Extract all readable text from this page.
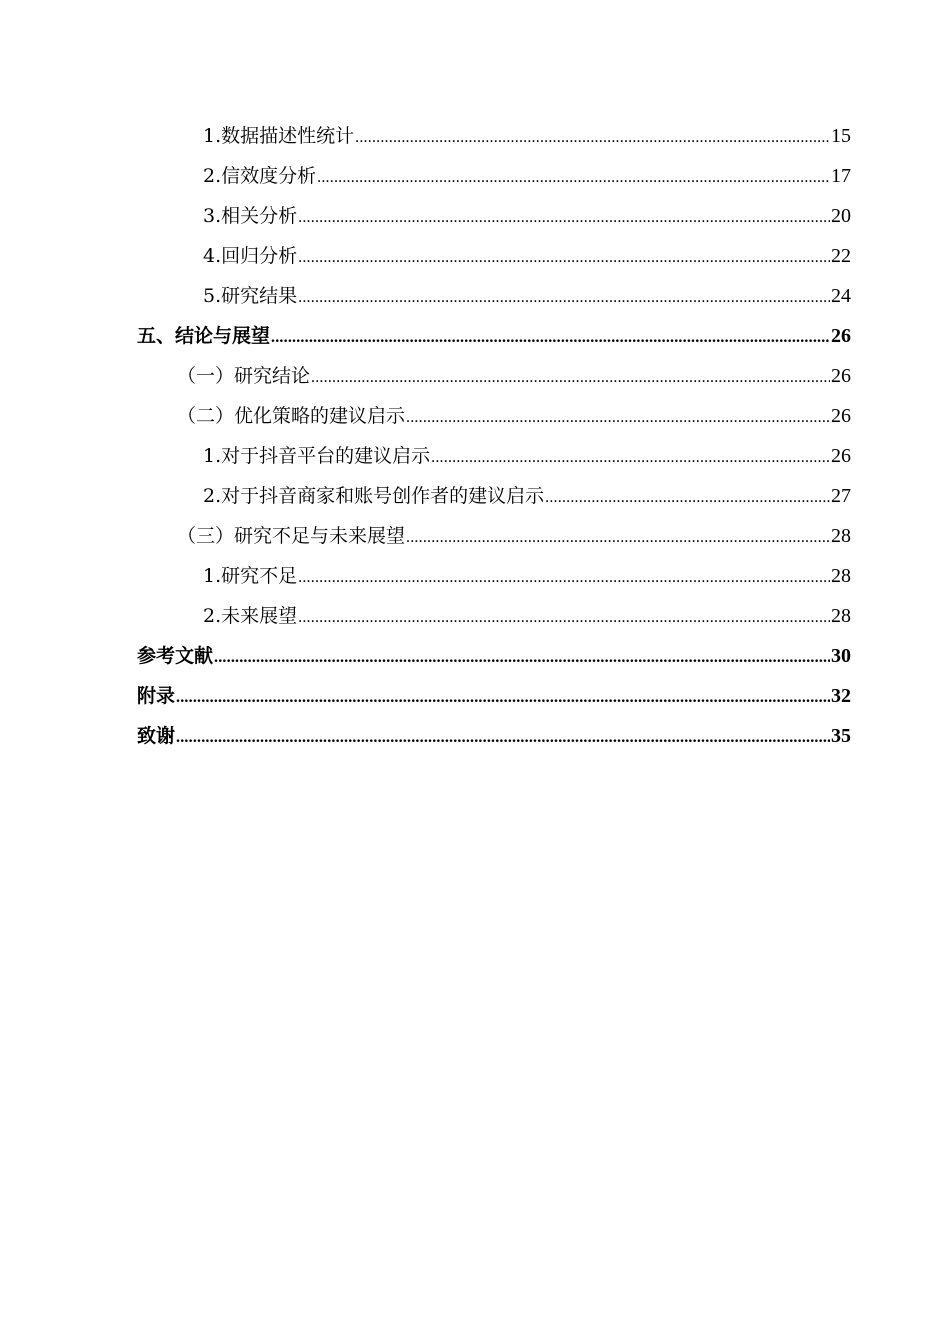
1.数据描述性统计 .....	15
2.信效度分析 .....	17
3.相关分析 .....	20
4.回归分析 .....	22
5.研究结果 .....	24
五、结论与展望 .....	26
（一）研究结论 .....	26
（二）优化策略的建议启示 .....	26
1.对于抖音平台的建议启示 .....	26
2.对于抖音商家和账号创作者的建议启示 .....	27
（三）研究不足与未来展望 .....	28
1.研究不足 .....	28
2.未来展望 .....	28
参考文献 .....	30
附录 .....	32
致谢 .....	35
